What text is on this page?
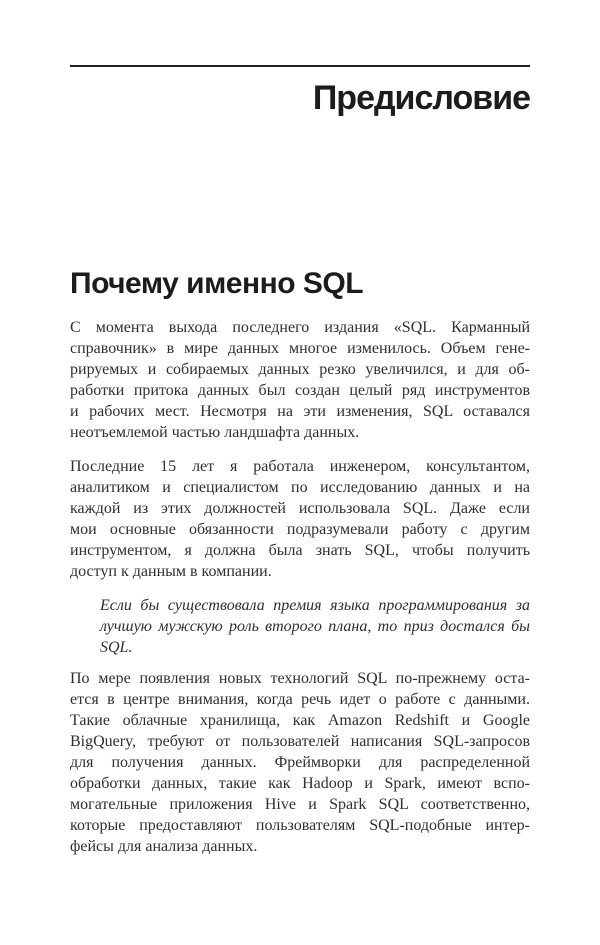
Предисловие
Почему именно SQL
С момента выхода последнего издания «SQL. Карманный
справочник» в мире данных многое изменилось. Объем гене-
рируемых и собираемых данных резко увеличился, и для об-
работки притока данных был создан целый ряд инструментов
и рабочих мест. Несмотря на эти изменения, SQL оставался
неотъемлемой частью ландшафта данных.
Последние 15 лет я работала инженером, консультантом,
аналитиком и специалистом по исследованию данных и на
каждой из этих должностей использовала SQL. Даже если
мои основные обязанности подразумевали работу с другим
инструментом, я должна была знать SQL, чтобы получить
доступ к данным в компании.
Если бы существовала премия языка программирования за
лучшую мужскую роль второго плана, то приз достался бы
SQL.
По мере появления новых технологий SQL по-прежнему оста-
ется в центре внимания, когда речь идет о работе с данными.
Такие облачные хранилища, как Amazon Redshift и Google
BigQuery, требуют от пользователей написания SQL-запросов
для получения данных. Фреймворки для распределенной
обработки данных, такие как Hadoop и Spark, имеют вспо-
могательные приложения Hive и Spark SQL соответственно,
которые предоставляют пользователям SQL-подобные интер-
фейсы для анализа данных.
